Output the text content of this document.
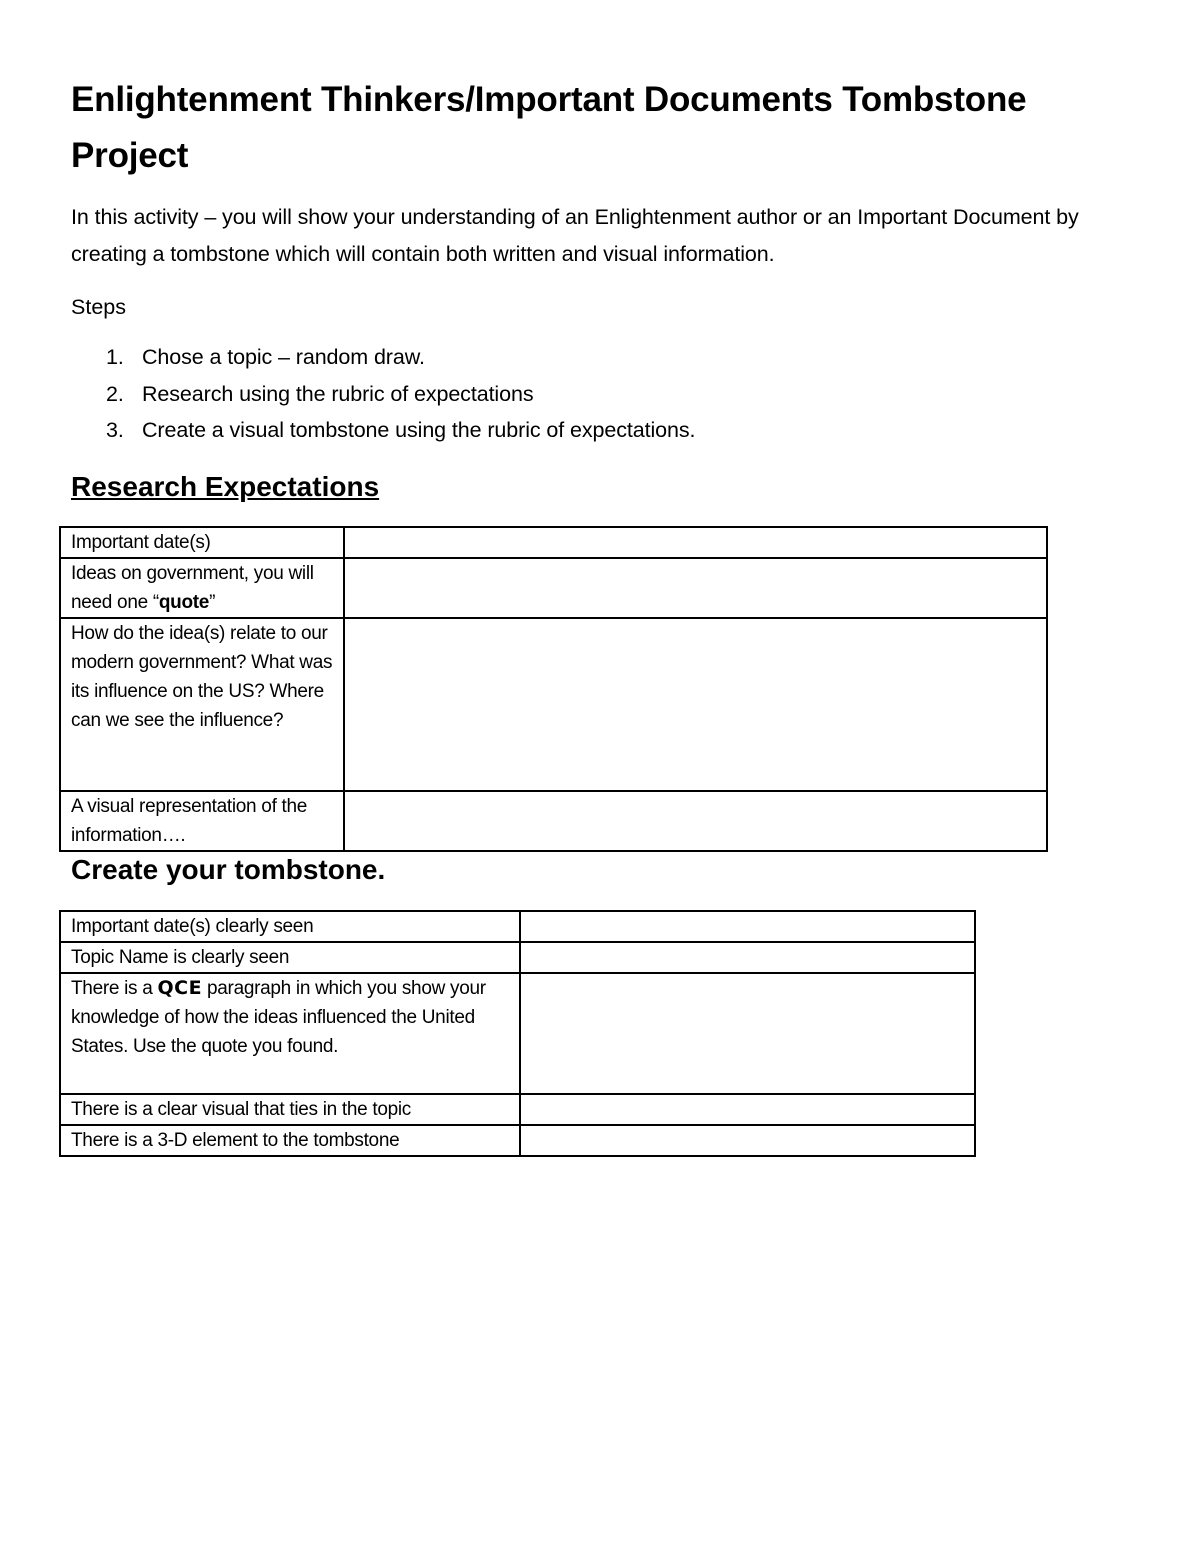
Enlightenment Thinkers/Important Documents Tombstone Project

In this activity – you will show your understanding of an Enlightenment author or an Important Document by creating a tombstone which will contain both written and visual information.

Steps

1. Chose a topic – random draw.
2. Research using the rubric of expectations
3. Create a visual tombstone using the rubric of expectations.
Research Expectations
Important date(s)	
Ideas on government, you will need one “quote”	
How do the idea(s) relate to our modern government? What was its influence on the US? Where can we see the influence?	
A visual representation of the information….	
Create your tombstone.
Important date(s) clearly seen	
Topic Name is clearly seen	
There is a QCE paragraph in which you show your knowledge of how the ideas influenced the United States. Use the quote you found.	
There is a clear visual that ties in the topic	
There is a 3-D element to the tombstone	
